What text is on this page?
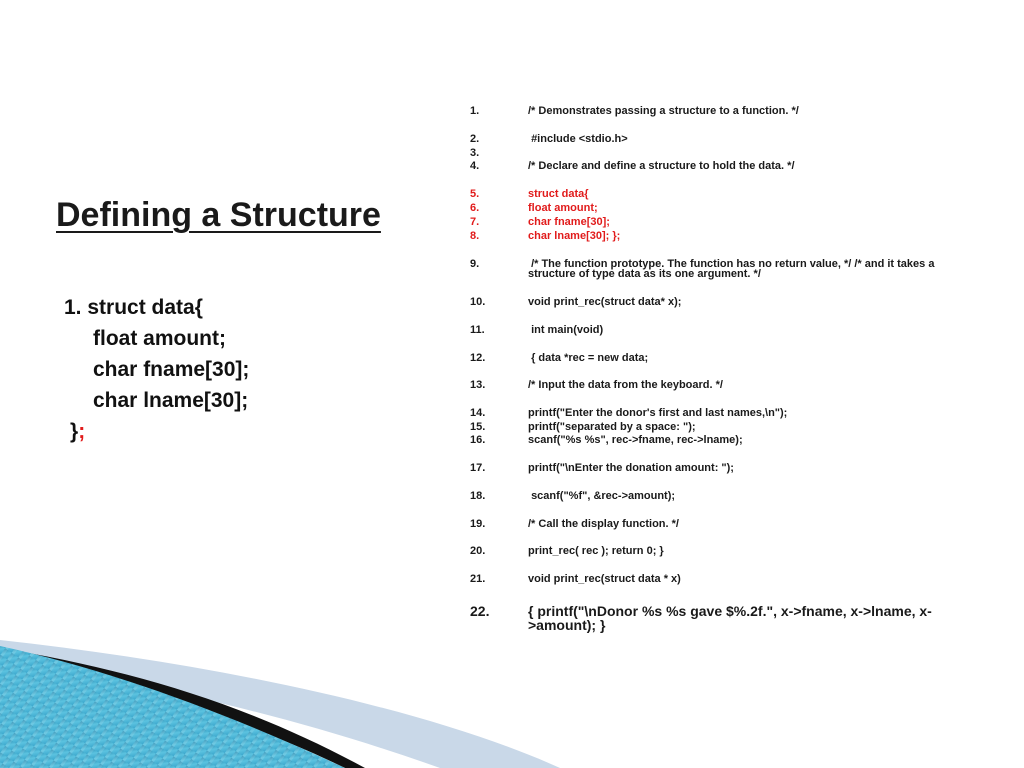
Defining a Structure
1. struct data{
float amount;
char fname[30];
char lname[30];
};
1.	/* Demonstrates passing a structure to a function. */
2.	#include <stdio.h>
3.
4.	/* Declare and define a structure to hold the data. */
5.	struct data{
6.	float amount;
7.	char fname[30];
8.	char lname[30]; };
9.	/* The function prototype. The function has no return value, */ /* and it takes a structure of type data as its one argument. */
10.	void print_rec(struct data* x);
11.	int main(void)
12.	{ data *rec = new data;
13.	/* Input the data from the keyboard. */
14.	printf("Enter the donor's first and last names,\n");
15.	printf("separated by a space: ");
16.	scanf("%s %s", rec->fname, rec->lname);
17.	printf("\nEnter the donation amount: ");
18.	scanf("%f", &rec->amount);
19.	/* Call the display function. */
20.	print_rec( rec ); return 0; }
21.	void print_rec(struct data * x)
22.	{ printf("\nDonor %s %s gave $%.2f.", x->fname, x->lname, x->amount); }
